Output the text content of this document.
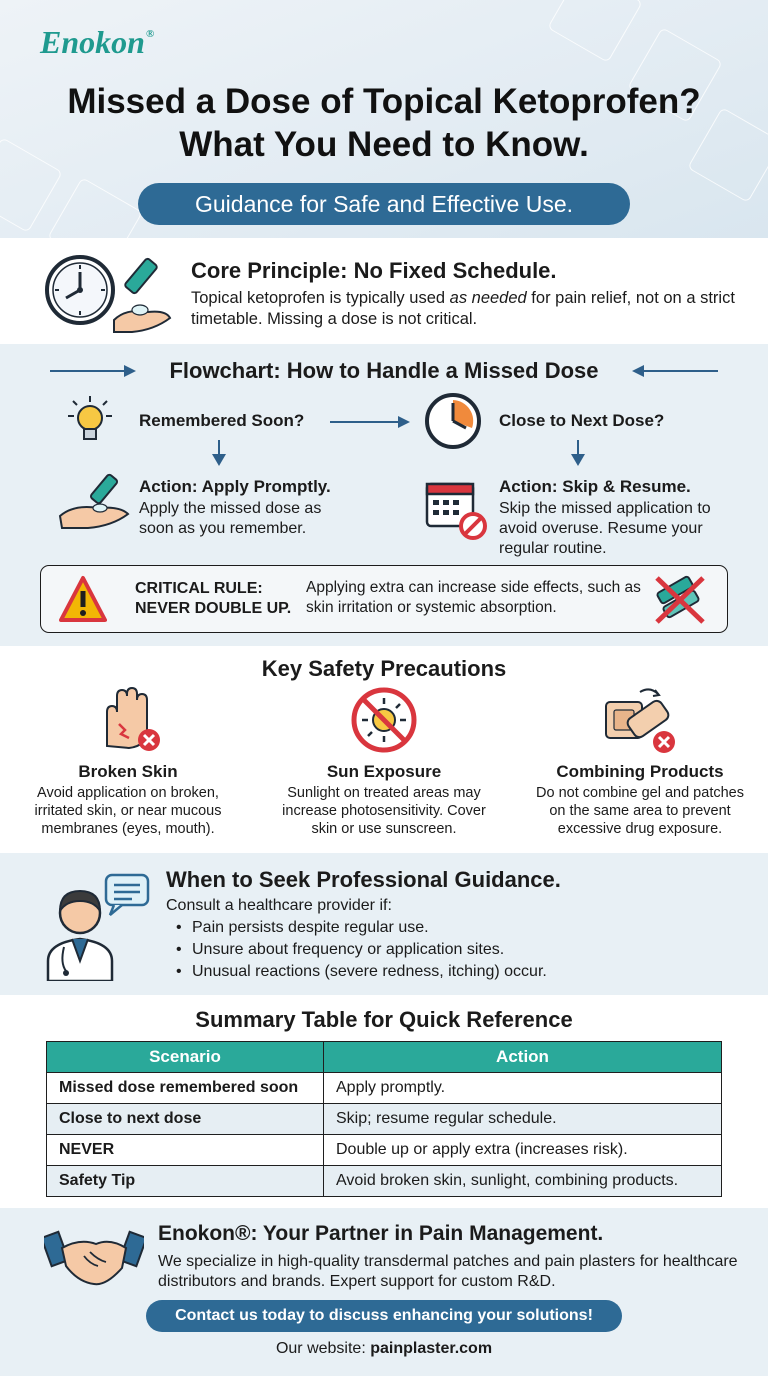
Enokon®
Missed a Dose of Topical Ketoprofen?
What You Need to Know.
Guidance for Safe and Effective Use.
Core Principle: No Fixed Schedule.
Topical ketoprofen is typically used as needed for pain relief, not on a strict timetable. Missing a dose is not critical.
Flowchart: How to Handle a Missed Dose
Remembered Soon?	Close to Next Dose?
Action: Apply Promptly.
Apply the missed dose as soon as you remember.
Action: Skip & Resume.
Skip the missed application to avoid overuse. Resume your regular routine.
CRITICAL RULE: NEVER DOUBLE UP.
Applying extra can increase side effects, such as skin irritation or systemic absorption.
Key Safety Precautions
Broken Skin
Avoid application on broken, irritated skin, or near mucous membranes (eyes, mouth).
Sun Exposure
Sunlight on treated areas may increase photosensitivity. Cover skin or use sunscreen.
Combining Products
Do not combine gel and patches on the same area to prevent excessive drug exposure.
When to Seek Professional Guidance.
Consult a healthcare provider if:
• Pain persists despite regular use.
• Unsure about frequency or application sites.
• Unusual reactions (severe redness, itching) occur.
Summary Table for Quick Reference
Scenario	Action
Missed dose remembered soon	Apply promptly.
Close to next dose	Skip; resume regular schedule.
NEVER	Double up or apply extra (increases risk).
Safety Tip	Avoid broken skin, sunlight, combining products.
Enokon®: Your Partner in Pain Management.
We specialize in high-quality transdermal patches and pain plasters for healthcare distributors and brands. Expert support for custom R&D.
Contact us today to discuss enhancing your solutions!
Our website: painplaster.com
